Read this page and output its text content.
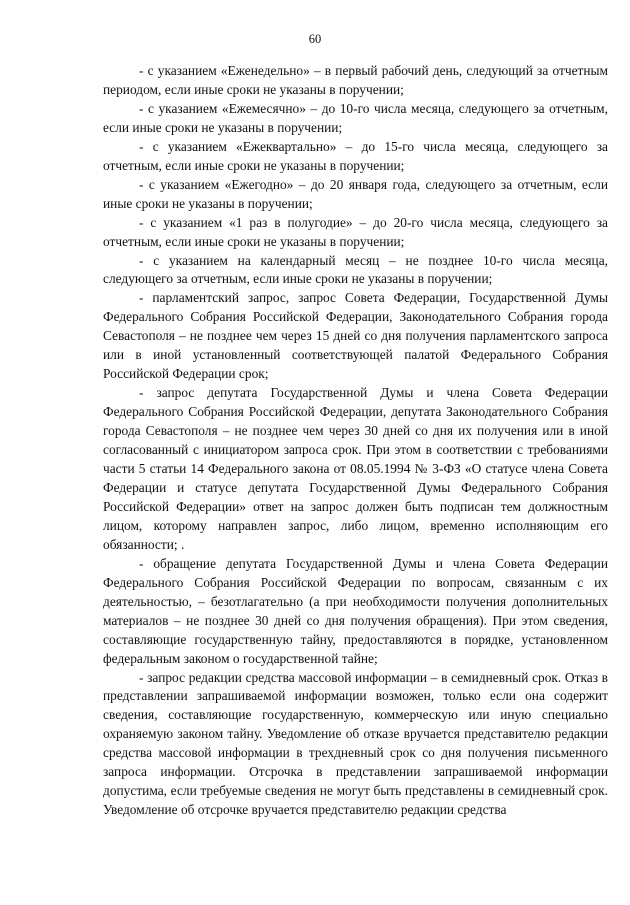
60

- с указанием «Еженедельно» – в первый рабочий день, следующий за отчетным периодом, если иные сроки не указаны в поручении;

- с указанием «Ежемесячно» – до 10-го числа месяца, следующего за отчетным, если иные сроки не указаны в поручении;

- с указанием «Ежеквартально» – до 15-го числа месяца, следующего за отчетным, если иные сроки не указаны в поручении;

- с указанием «Ежегодно» – до 20 января года, следующего за отчетным, если иные сроки не указаны в поручении;

- с указанием «1 раз в полугодие» – до 20-го числа месяца, следующего за отчетным, если иные сроки не указаны в поручении;

- с указанием на календарный месяц – не позднее 10-го числа месяца, следующего за отчетным, если иные сроки не указаны в поручении;

- парламентский запрос, запрос Совета Федерации, Государственной Думы Федерального Собрания Российской Федерации, Законодательного Собрания города Севастополя – не позднее чем через 15 дней со дня получения парламентского запроса или в иной установленный соответствующей палатой Федерального Собрания Российской Федерации срок;

- запрос депутата Государственной Думы и члена Совета Федерации Федерального Собрания Российской Федерации, депутата Законодательного Собрания города Севастополя – не позднее чем через 30 дней со дня их получения или в иной согласованный с инициатором запроса срок. При этом в соответствии с требованиями части 5 статьи 14 Федерального закона от 08.05.1994 № 3-ФЗ «О статусе члена Совета Федерации и статусе депутата Государственной Думы Федерального Собрания Российской Федерации» ответ на запрос должен быть подписан тем должностным лицом, которому направлен запрос, либо лицом, временно исполняющим его обязанности; .

- обращение депутата Государственной Думы и члена Совета Федерации Федерального Собрания Российской Федерации по вопросам, связанным с их деятельностью, – безотлагательно (а при необходимости получения дополнительных материалов – не позднее 30 дней со дня получения обращения). При этом сведения, составляющие государственную тайну, предоставляются в порядке, установленном федеральным законом о государственной тайне;

- запрос редакции средства массовой информации – в семидневный срок. Отказ в представлении запрашиваемой информации возможен, только если она содержит сведения, составляющие государственную, коммерческую или иную специально охраняемую законом тайну. Уведомление об отказе вручается представителю редакции средства массовой информации в трехдневный срок со дня получения письменного запроса информации. Отсрочка в представлении запрашиваемой информации допустима, если требуемые сведения не могут быть представлены в семидневный срок. Уведомление об отсрочке вручается представителю редакции средства
